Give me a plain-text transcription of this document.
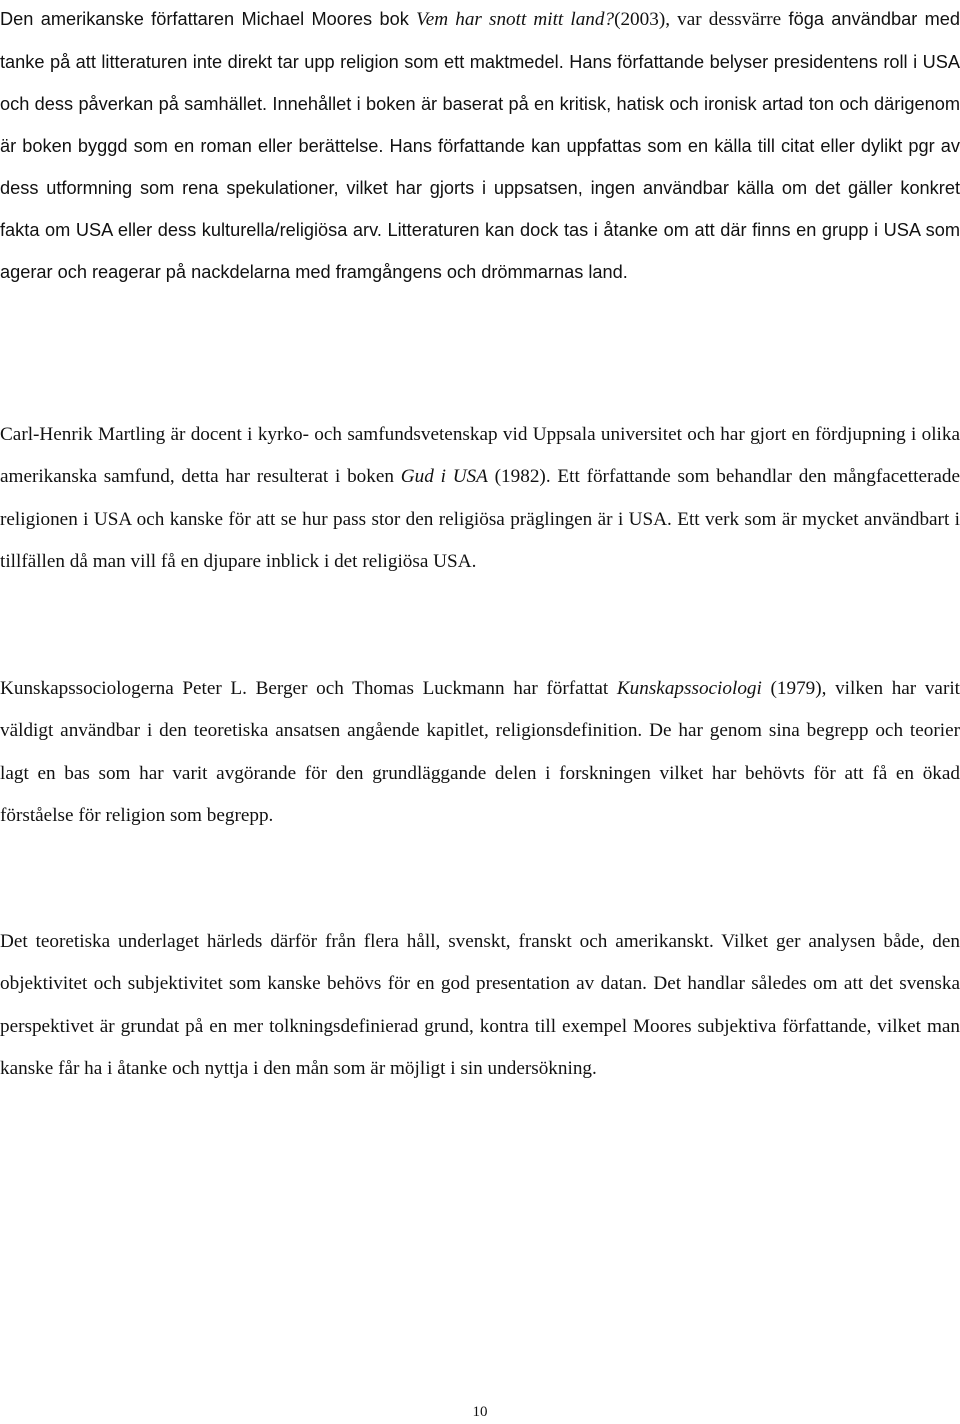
Den amerikanske författaren Michael Moores bok Vem har snott mitt land?(2003), var dessvärre föga användbar med tanke på att litteraturen inte direkt tar upp religion som ett maktmedel. Hans författande belyser presidentens roll i USA och dess påverkan på samhället. Innehållet i boken är baserat på en kritisk, hatisk och ironisk artad ton och därigenom är boken byggd som en roman eller berättelse. Hans författande kan uppfattas som en källa till citat eller dylikt pgr av dess utformning som rena spekulationer, vilket har gjorts i uppsatsen, ingen användbar källa om det gäller konkret fakta om USA eller dess kulturella/religiösa arv. Litteraturen kan dock tas i åtanke om att där finns en grupp i USA som agerar och reagerar på nackdelarna med framgångens och drömmarnas land.

Carl-Henrik Martling är docent i kyrko- och samfundsvetenskap vid Uppsala universitet och har gjort en fördjupning i olika amerikanska samfund, detta har resulterat i boken Gud i USA (1982). Ett författande som behandlar den mångfacetterade religionen i USA och kanske för att se hur pass stor den religiösa präglingen är i USA. Ett verk som är mycket användbart i tillfällen då man vill få en djupare inblick i det religiösa USA.

Kunskapssociologerna Peter L. Berger och Thomas Luckmann har författat Kunskapssociologi (1979), vilken har varit väldigt användbar i den teoretiska ansatsen angående kapitlet, religionsdefinition. De har genom sina begrepp och teorier lagt en bas som har varit avgörande för den grundläggande delen i forskningen vilket har behövts för att få en ökad förståelse för religion som begrepp.

Det teoretiska underlaget härleds därför från flera håll, svenskt, franskt och amerikanskt. Vilket ger analysen både, den objektivitet och subjektivitet som kanske behövs för en god presentation av datan. Det handlar således om att det svenska perspektivet är grundat på en mer tolkningsdefinierad grund, kontra till exempel Moores subjektiva författande, vilket man kanske får ha i åtanke och nyttja i den mån som är möjligt i sin undersökning.

10
